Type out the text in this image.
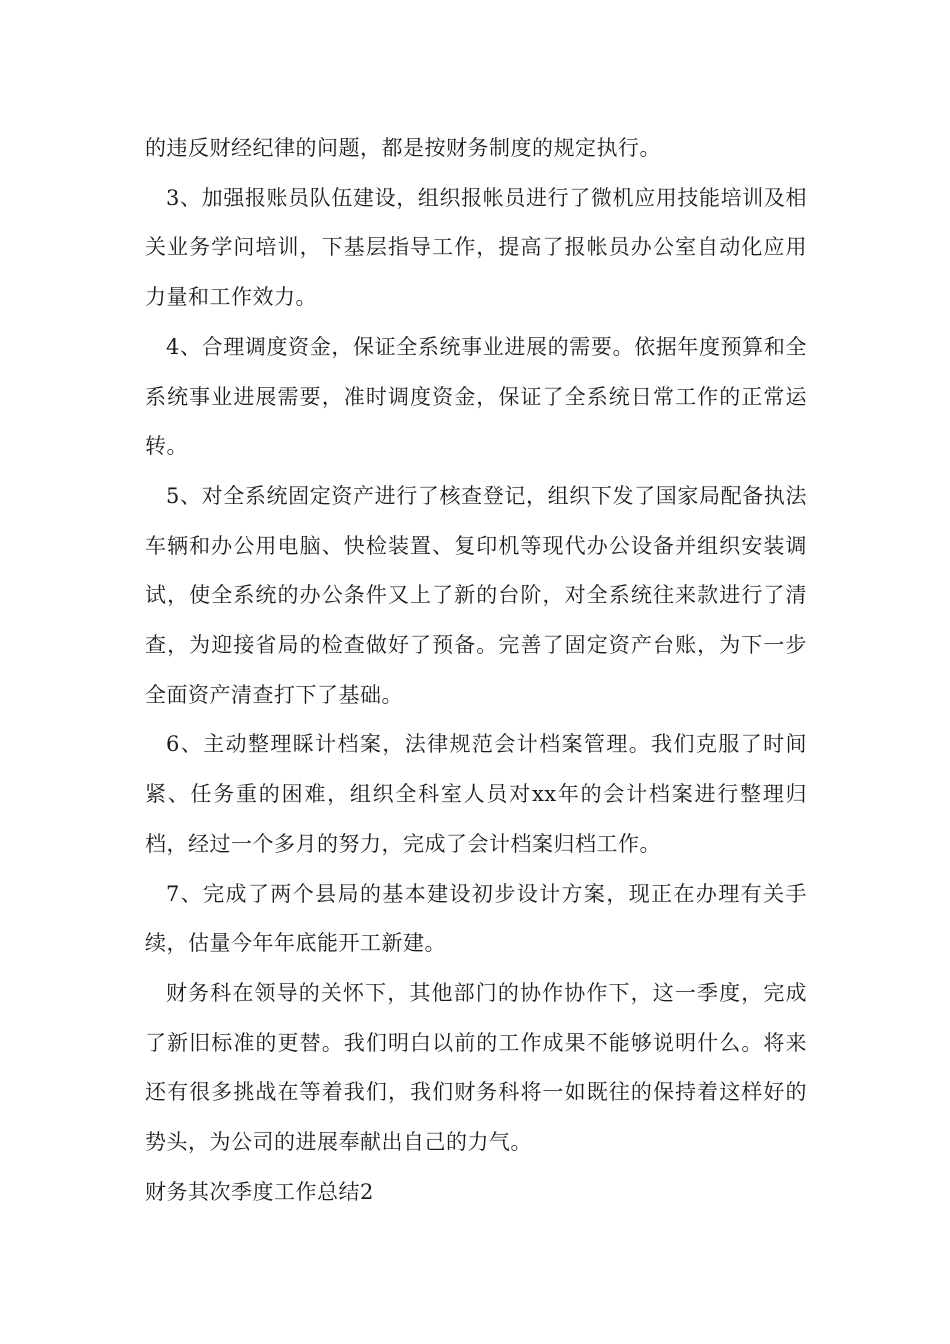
的违反财经纪律的问题，都是按财务制度的规定执行。

3、加强报账员队伍建设，组织报帐员进行了微机应用技能培训及相关业务学问培训，下基层指导工作，提高了报帐员办公室自动化应用力量和工作效力。

4、合理调度资金，保证全系统事业进展的需要。依据年度预算和全系统事业进展需要，准时调度资金，保证了全系统日常工作的正常运转。

5、对全系统固定资产进行了核查登记，组织下发了国家局配备执法车辆和办公用电脑、快检装置、复印机等现代办公设备并组织安装调试，使全系统的办公条件又上了新的台阶，对全系统往来款进行了清查，为迎接省局的检查做好了预备。完善了固定资产台账，为下一步全面资产清查打下了基础。

6、主动整理睬计档案，法律规范会计档案管理。我们克服了时间紧、任务重的困难，组织全科室人员对xx年的会计档案进行整理归档，经过一个多月的努力，完成了会计档案归档工作。

7、完成了两个县局的基本建设初步设计方案，现正在办理有关手续，估量今年年底能开工新建。

财务科在领导的关怀下，其他部门的协作协作下，这一季度，完成了新旧标准的更替。我们明白以前的工作成果不能够说明什么。将来还有很多挑战在等着我们，我们财务科将一如既往的保持着这样好的势头，为公司的进展奉献出自己的力气。

财务其次季度工作总结2
